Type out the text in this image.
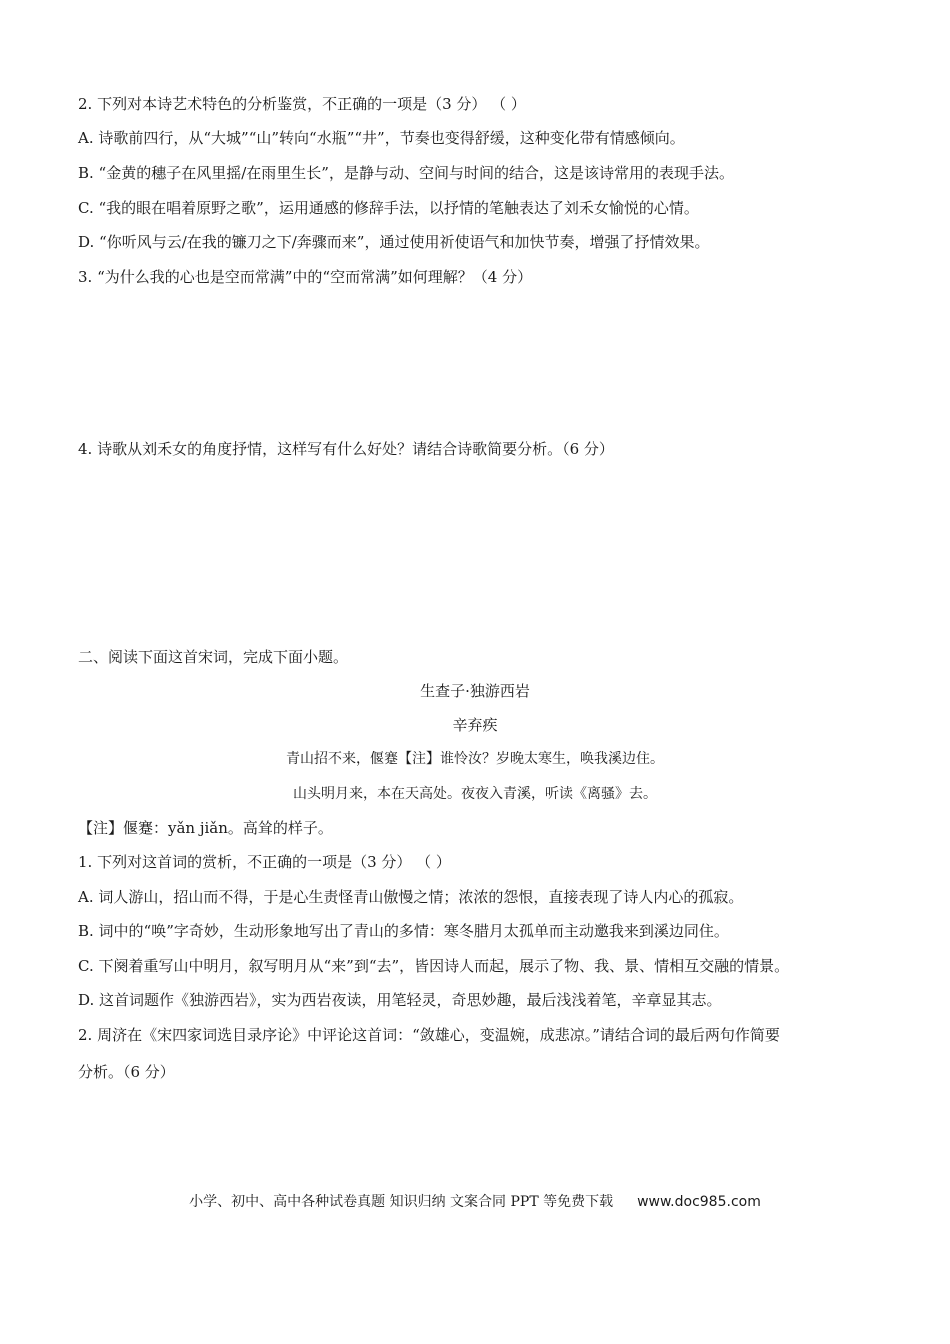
2. 下列对本诗艺术特色的分析鉴赏，不正确的一项是（3 分） （ ）
A. 诗歌前四行，从“大城”“山”转向“水瓶”“井”，节奏也变得舒缓，这种变化带有情感倾向。
B. “金黄的穗子在风里摇/在雨里生长”，是静与动、空间与时间的结合，这是该诗常用的表现手法。
C. “我的眼在唱着原野之歌”，运用通感的修辞手法，以抒情的笔触表达了刘禾女愉悦的心情。
D. “你听风与云/在我的镰刀之下/奔骤而来”，通过使用祈使语气和加快节奏，增强了抒情效果。
3. “为什么我的心也是空而常满”中的“空而常满”如何理解？（4 分）
4. 诗歌从刘禾女的角度抒情，这样写有什么好处？请结合诗歌简要分析。（6 分）
二、阅读下面这首宋词，完成下面小题。
生查子·独游西岩
辛弃疾
青山招不来，偃蹇【注】谁怜汝？岁晚太寒生，唤我溪边住。
山头明月来，本在天高处。夜夜入青溪，听读《离骚》去。
【注】偃蹇：yǎn jiǎn。高耸的样子。
1. 下列对这首词的赏析，不正确的一项是（3 分） （ ）
A. 词人游山，招山而不得，于是心生责怪青山傲慢之情；浓浓的怨恨，直接表现了诗人内心的孤寂。
B. 词中的“唤”字奇妙，生动形象地写出了青山的多情：寒冬腊月太孤单而主动邀我来到溪边同住。
C. 下阕着重写山中明月，叙写明月从“来”到“去”，皆因诗人而起，展示了物、我、景、情相互交融的情景。
D. 这首词题作《独游西岩》，实为西岩夜读，用笔轻灵，奇思妙趣，最后浅浅着笔，辛章显其志。
2. 周济在《宋四家词选目录序论》中评论这首词：“敛雄心，变温婉，成悲凉。”请结合词的最后两句作简要
分析。（6 分）
小学、初中、高中各种试卷真题 知识归纳 文案合同 PPT 等免费下载 www.doc985.com
